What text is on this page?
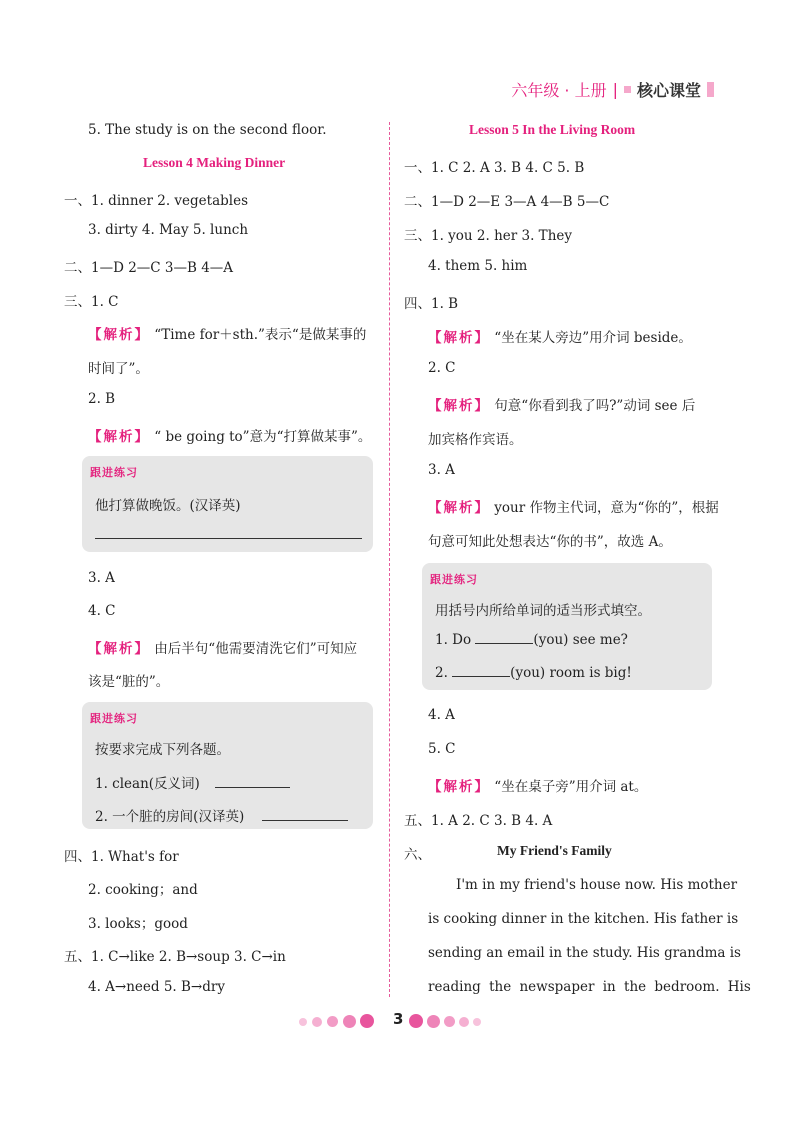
六年级 · 上册 | 核心课堂
5. The study is on the second floor.
Lesson 4 Making Dinner
一、1. dinner 2. vegetables
3. dirty 4. May 5. lunch
二、1—D 2—C 3—B 4—A
三、1. C
【解析】 “Time for＋sth.”表示“是做某事的
时间了”。
2. B
【解析】 “ be going to”意为“打算做某事”。
跟进练习
他打算做晚饭。(汉译英)
3. A
4. C
【解析】 由后半句“他需要清洗它们”可知应
该是“脏的”。
跟进练习
按要求完成下列各题。
1. clean(反义词)
2. 一个脏的房间(汉译英)
四、1. What's for
2. cooking；and
3. looks；good
五、1. C→like 2. B→soup 3. C→in
4. A→need 5. B→dry
Lesson 5 In the Living Room
一、1. C 2. A 3. B 4. C 5. B
二、1—D 2—E 3—A 4—B 5—C
三、1. you 2. her 3. They
4. them 5. him
四、1. B
【解析】 “坐在某人旁边”用介词 beside。
2. C
【解析】 句意“你看到我了吗?”动词 see 后
加宾格作宾语。
3. A
【解析】 your 作物主代词，意为“你的”，根据
句意可知此处想表达“你的书”，故选 A。
跟进练习
用括号内所给单词的适当形式填空。
1. Do	(you) see me?
2.	(you) room is big!
4. A
5. C
【解析】 “坐在桌子旁”用介词 at。
五、1. A 2. C 3. B 4. A
六、	My Friend's Family
I'm in my friend's house now. His mother
is cooking dinner in the kitchen. His father is
sending an email in the study. His grandma is
reading the newspaper in the bedroom. His
3
